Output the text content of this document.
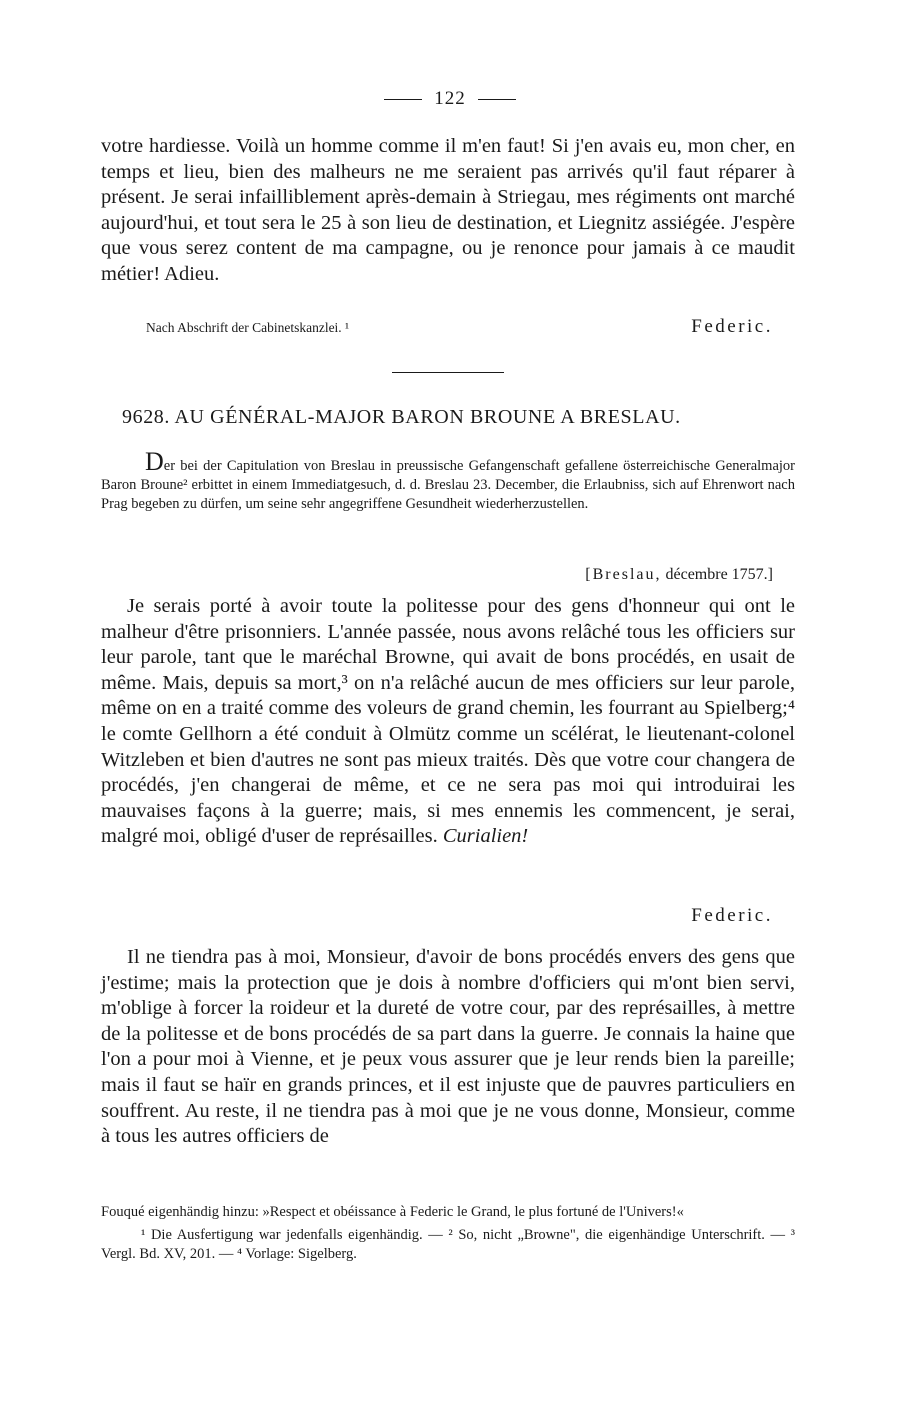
122

votre hardiesse. Voilà un homme comme il m'en faut! Si j'en avais eu, mon cher, en temps et lieu, bien des malheurs ne me seraient pas arrivés qu'il faut réparer à présent. Je serai infailliblement après-demain à Striegau, mes régiments ont marché aujourd'hui, et tout sera le 25 à son lieu de destination, et Liegnitz assiégée. J'espère que vous serez content de ma campagne, ou je renonce pour jamais à ce maudit métier! Adieu.

Nach Abschrift der Cabinetskanzlei. ¹	Federic.
9628. AU GÉNÉRAL-MAJOR BARON BROUNE A BRESLAU.

Der bei der Capitulation von Breslau in preussische Gefangenschaft gefallene österreichische Generalmajor Baron Broune² erbittet in einem Immediatgesuch, d. d. Breslau 23. December, die Erlaubniss, sich auf Ehrenwort nach Prag begeben zu dürfen, um seine sehr angegriffene Gesundheit wiederherzustellen.

[Breslau, décembre 1757.]

Je serais porté à avoir toute la politesse pour des gens d'honneur qui ont le malheur d'être prisonniers. L'année passée, nous avons relâché tous les officiers sur leur parole, tant que le maréchal Browne, qui avait de bons procédés, en usait de même. Mais, depuis sa mort,³ on n'a relâché aucun de mes officiers sur leur parole, même on en a traité comme des voleurs de grand chemin, les fourrant au Spielberg;⁴ le comte Gellhorn a été conduit à Olmütz comme un scélérat, le lieutenant-colonel Witzleben et bien d'autres ne sont pas mieux traités. Dès que votre cour changera de procédés, j'en changerai de même, et ce ne sera pas moi qui introduirai les mauvaises façons à la guerre; mais, si mes ennemis les commencent, je serai, malgré moi, obligé d'user de représailles. Curialien!

Federic.

Il ne tiendra pas à moi, Monsieur, d'avoir de bons procédés envers des gens que j'estime; mais la protection que je dois à nombre d'officiers qui m'ont bien servi, m'oblige à forcer la roideur et la dureté de votre cour, par des représailles, à mettre de la politesse et de bons procédés de sa part dans la guerre. Je connais la haine que l'on a pour moi à Vienne, et je peux vous assurer que je leur rends bien la pareille; mais il faut se haïr en grands princes, et il est injuste que de pauvres particuliers en souffrent. Au reste, il ne tiendra pas à moi que je ne vous donne, Monsieur, comme à tous les autres officiers de

Fouqué eigenhändig hinzu: »Respect et obéissance à Federic le Grand, le plus fortuné de l'Univers!«

¹ Die Ausfertigung war jedenfalls eigenhändig. — ² So, nicht „Browne", die eigenhändige Unterschrift. — ³ Vergl. Bd. XV, 201. — ⁴ Vorlage: Sigelberg.
